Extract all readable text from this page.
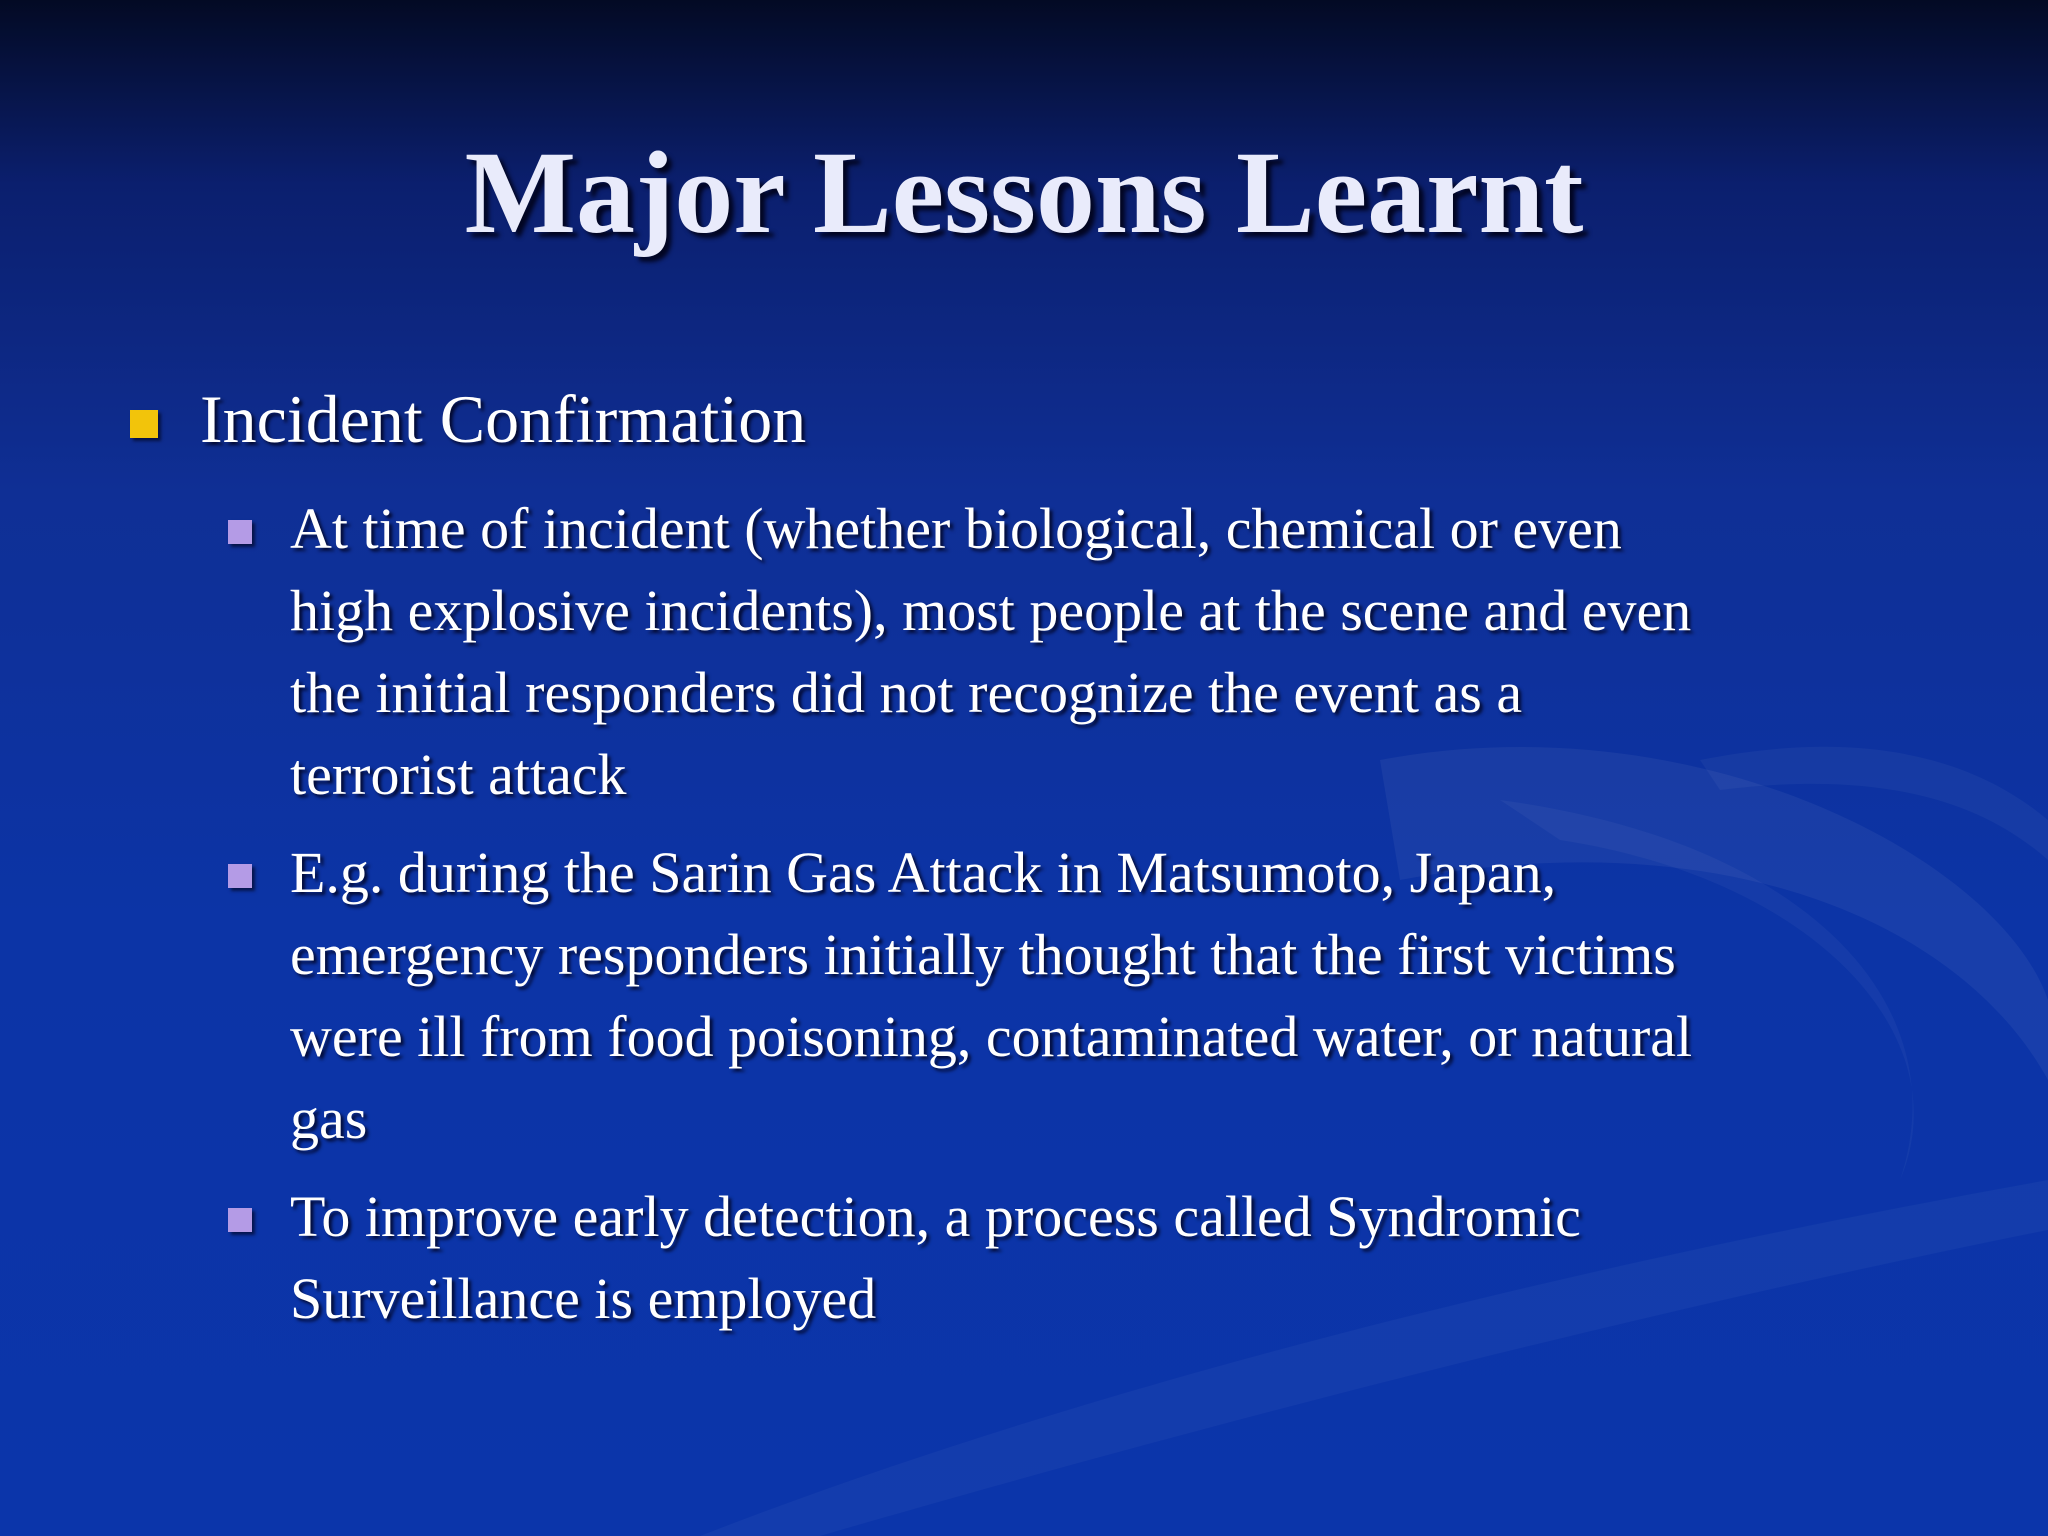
Major Lessons Learnt
Incident Confirmation
At time of incident (whether biological, chemical or even
high explosive incidents), most people at the scene and even
the initial responders did not recognize the event as a
terrorist attack
E.g. during the Sarin Gas Attack in Matsumoto, Japan,
emergency responders initially thought that the first victims
were ill from food poisoning, contaminated water, or natural
gas
To improve early detection, a process called Syndromic
Surveillance is employed
